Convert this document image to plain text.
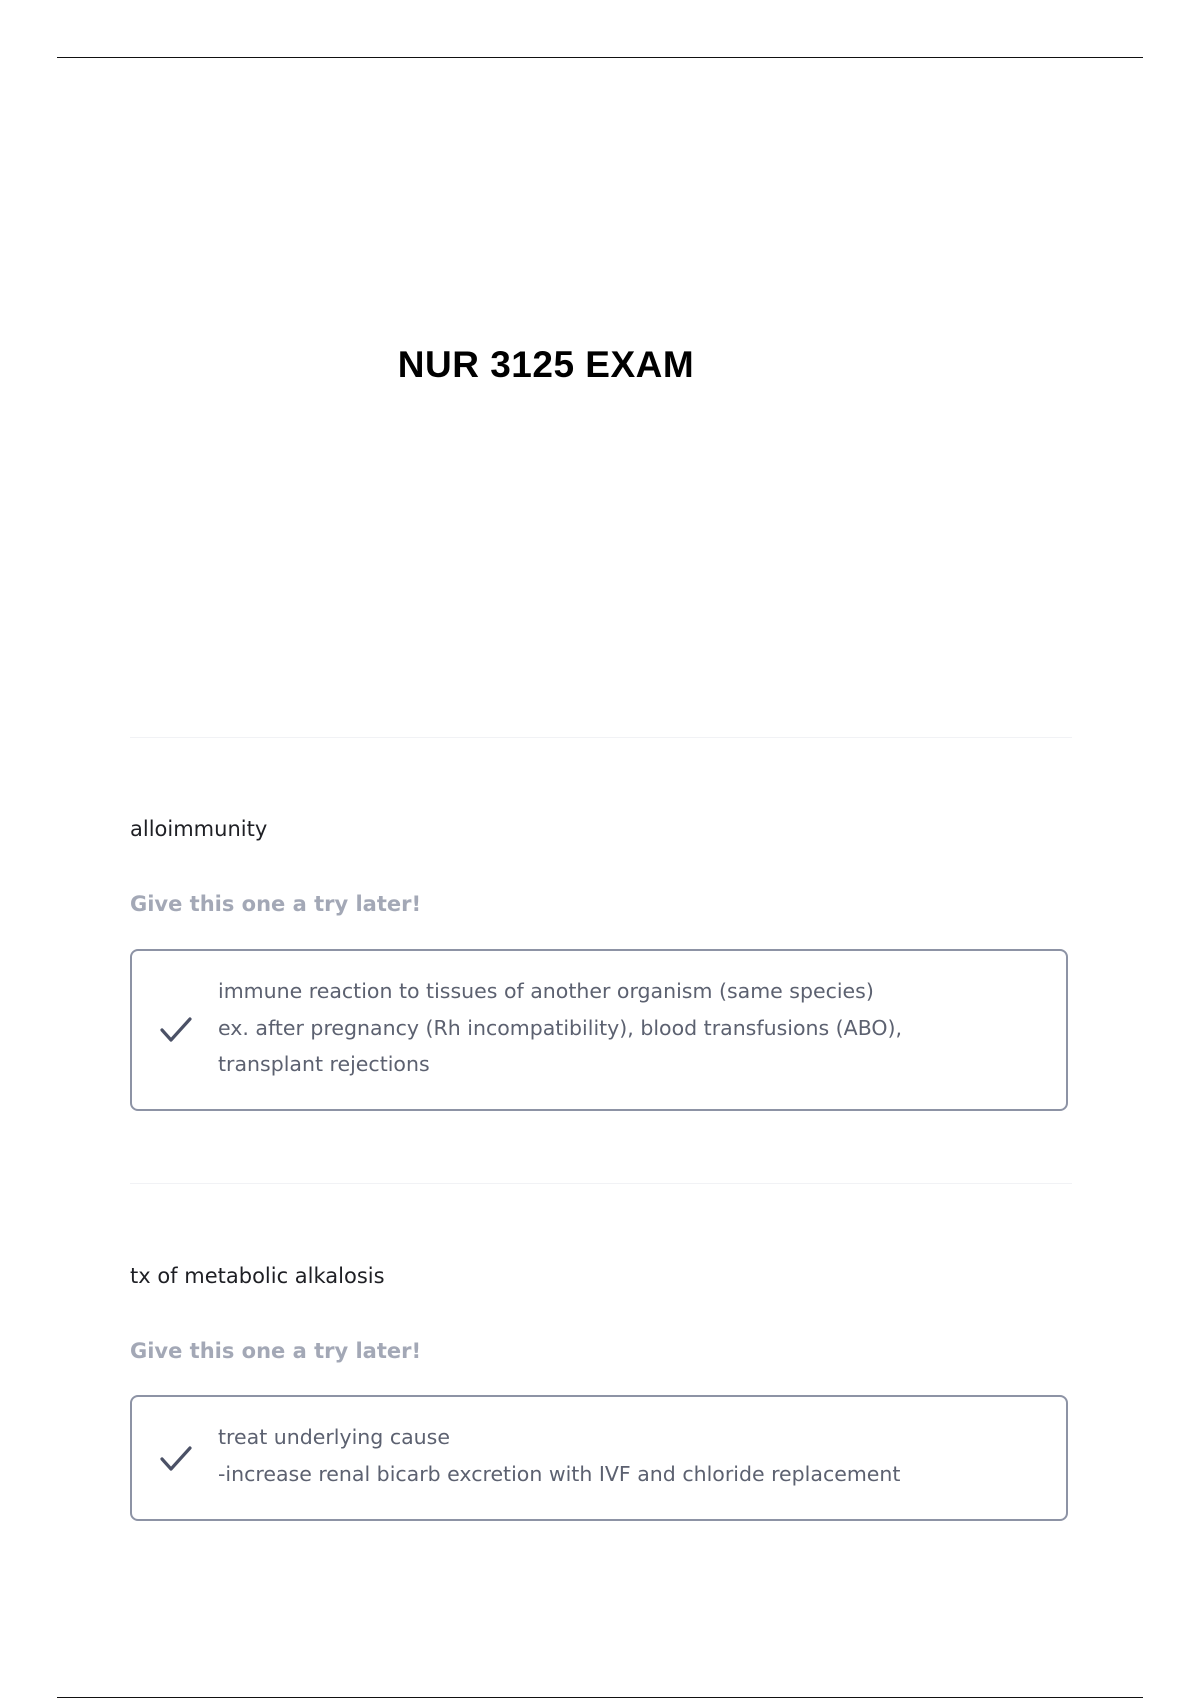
NUR 3125 EXAM

alloimmunity

Give this one a try later!

immune reaction to tissues of another organism (same species)
ex. after pregnancy (Rh incompatibility), blood transfusions (ABO),
transplant rejections

tx of metabolic alkalosis

Give this one a try later!

treat underlying cause
-increase renal bicarb excretion with IVF and chloride replacement
